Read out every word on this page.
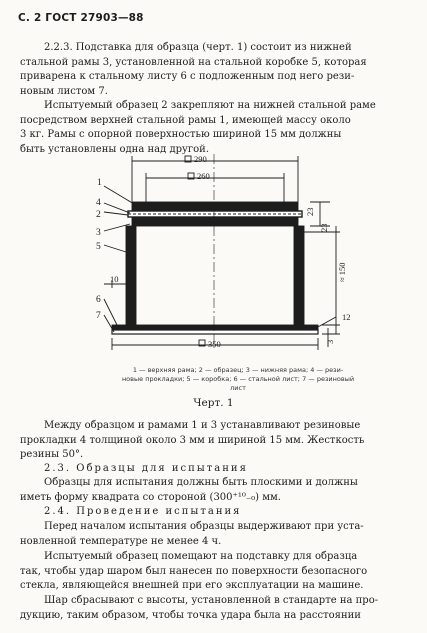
С. 2 ГОСТ 27903—88
2.2.3. Подставка для образца (черт. 1) состоит из нижней
стальной рамы 3, установленной на стальной коробке 5, которая
приварена к стальному листу 6 с подложенным под него рези-
новым листом 7.
Испытуемый образец 2 закрепляют на нижней стальной раме
посредством верхней стальной рамы 1, имеющей массу около
3 кг. Рамы с опорной поверхностью шириной 15 мм должны
быть установлены одна над другой.
290
260
350
23
23
≈ 150
10
12
3
1
4
2
3
5
6
7
1 — верхняя рама; 2 — образец; 3 — нижняя рама; 4 — рези-
новые прокладки; 5 — коробка; 6 — стальной лист; 7 — резиновый
лист
Черт. 1
Между образцом и рамами 1 и 3 устанавливают резиновые
прокладки 4 толщиной около 3 мм и шириной 15 мм. Жесткость
резины 50°.
2.3. Образцы для испытания
Образцы для испытания должны быть плоскими и должны
иметь форму квадрата со стороной (300⁺¹⁰₋₀) мм.
2.4. Проведение испытания
Перед началом испытания образцы выдерживают при уста-
новленной температуре не менее 4 ч.
Испытуемый образец помещают на подставку для образца
так, чтобы удар шаром был нанесен по поверхности безопасного
стекла, являющейся внешней при его эксплуатации на машине.
Шар сбрасывают с высоты, установленной в стандарте на про-
дукцию, таким образом, чтобы точка удара была на расстоянии
